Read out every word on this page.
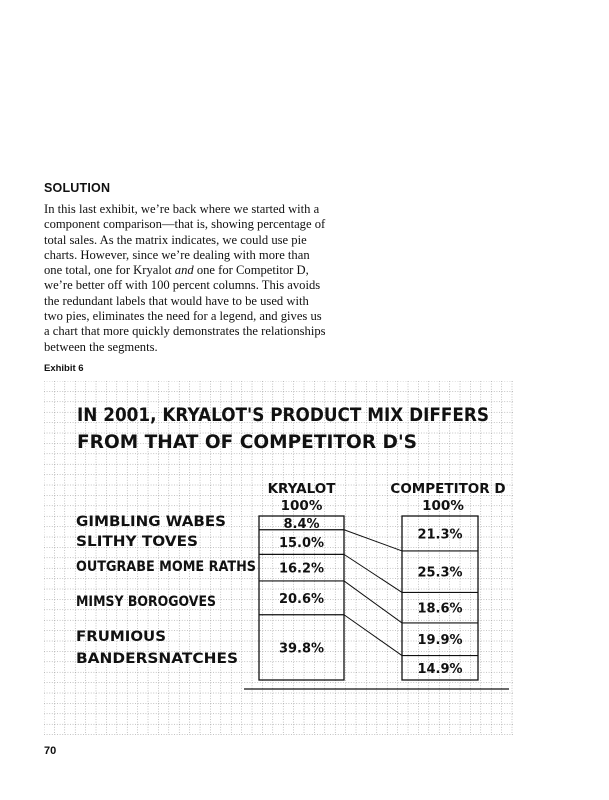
SOLUTION

In this last exhibit, we’re back where we started with a
component comparison—that is, showing percentage of
total sales. As the matrix indicates, we could use pie
charts. However, since we’re dealing with more than
one total, one for Kryalot and one for Competitor D,
we’re better off with 100 percent columns. This avoids
the redundant labels that would have to be used with
two pies, eliminates the need for a legend, and gives us
a chart that more quickly demonstrates the relationships
between the segments.

Exhibit 6
IN 2001, KRYALOT'S PRODUCT MIX DIFFERS
FROM THAT OF COMPETITOR D'S
KRYALOT	COMPETITOR D
100%	100%
8.4%
21.3%
15.0%
25.3%
16.2%
18.6%
20.6%
19.9%
39.8%
14.9%
GIMBLING WABES
SLITHY TOVES
OUTGRABE MOME RATHS
MIMSY BOROGOVES
FRUMIOUS
BANDERSNATCHES
70
